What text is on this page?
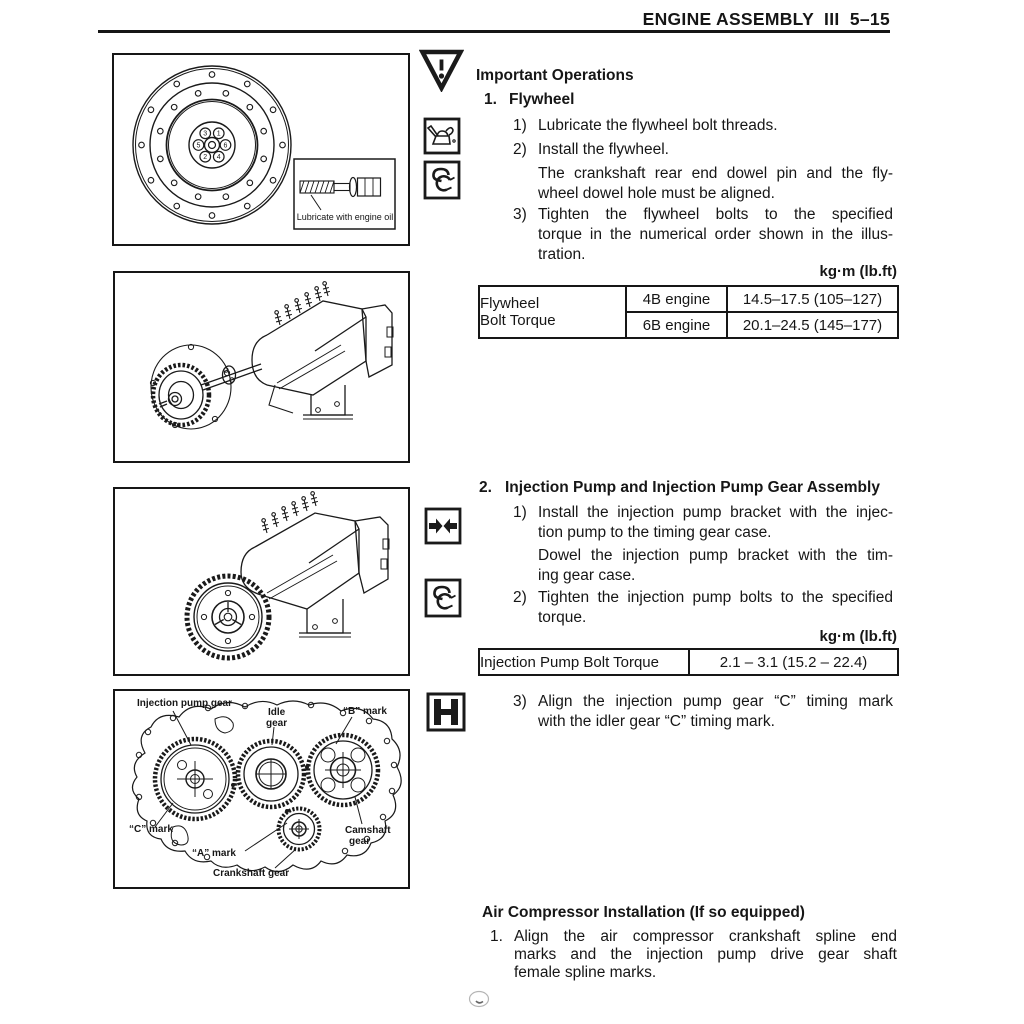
ENGINE ASSEMBLY  III  5–15
1
2
3
4
5	6
Lubricate with engine oil
Injection pump gear
Idle
gear
“B” mark
“C” mark
“A” mark
Camshaft
gear
Crankshaft gear
Important Operations
1. Flywheel
1) Lubricate the flywheel bolt threads.
2) Install the flywheel.
The crankshaft rear end dowel pin and the fly-
wheel dowel hole must be aligned.
3) Tighten the flywheel bolts to the specified
torque in the numerical order shown in the illus-
tration.
kg·m (lb.ft)
Flywheel
Bolt Torque	4B engine	14.5–17.5 (105–127)
	6B engine	20.1–24.5 (145–177)
2. Injection Pump and Injection Pump Gear Assembly
1) Install the injection pump bracket with the injec-
tion pump to the timing gear case.
Dowel the injection pump bracket with the tim-
ing gear case.
2) Tighten the injection pump bolts to the specified
torque.
kg·m (lb.ft)
Injection Pump Bolt Torque	2.1 – 3.1 (15.2 – 22.4)
3) Align the injection pump gear “C” timing mark
with the idler gear “C” timing mark.
Air Compressor Installation (If so equipped)
1. Align the air compressor crankshaft spline end
marks and the injection pump drive gear shaft
female spline marks.
